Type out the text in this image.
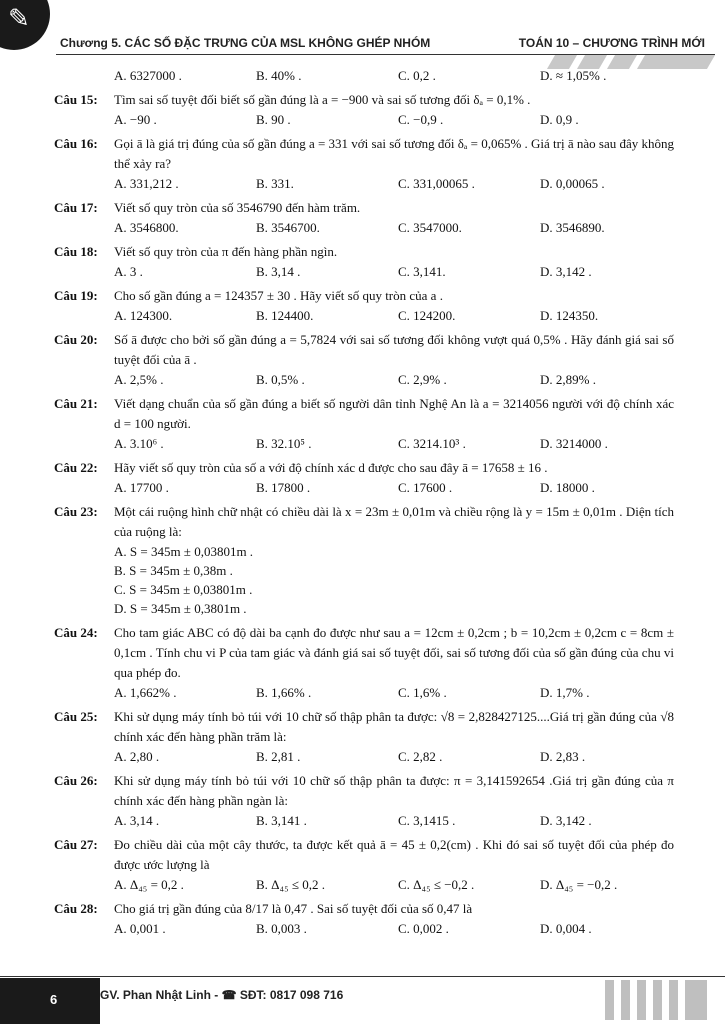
✎
Chương 5. CÁC SỐ ĐẶC TRƯNG CỦA MSL KHÔNG GHÉP NHÓM	TOÁN 10 – CHƯƠNG TRÌNH MỚI
A. 6327000 .	B. 40% .	C. 0,2 .	D. ≈ 1,05% .
Câu 15:	Tìm sai số tuyệt đối biết số gần đúng là a = −900 và sai số tương đối δₐ = 0,1% .
A. −90 .	B. 90 .	C. −0,9 .	D. 0,9 .
Câu 16:	Gọi ā là giá trị đúng của số gần đúng a = 331 với sai số tương đối δₐ = 0,065% . Giá trị ā nào sau đây không thể xảy ra?
A. 331,212 .	B. 331.	C. 331,00065 .	D. 0,00065 .
Câu 17:	Viết số quy tròn của số 3546790 đến hàm trăm.
A. 3546800.	B. 3546700.	C. 3547000.	D. 3546890.
Câu 18:	Viết số quy tròn của π đến hàng phần ngìn.
A. 3 .	B. 3,14 .	C. 3,141.	D. 3,142 .
Câu 19:	Cho số gần đúng a = 124357 ± 30 . Hãy viết số quy tròn của a .
A. 124300.	B. 124400.	C. 124200.	D. 124350.
Câu 20:	Số ā được cho bởi số gần đúng a = 5,7824 với sai số tương đối không vượt quá 0,5% . Hãy đánh giá sai số tuyệt đối của ā .
A. 2,5% .	B. 0,5% .	C. 2,9% .	D. 2,89% .
Câu 21:	Viết dạng chuẩn của số gần đúng a biết số người dân tỉnh Nghệ An là a = 3214056 người với độ chính xác d = 100 người.
A. 3.10⁶ .	B. 32.10⁵ .	C. 3214.10³ .	D. 3214000 .
Câu 22:	Hãy viết số quy tròn của số a với độ chính xác d được cho sau đây ā = 17658 ± 16 .
A. 17700 .	B. 17800 .	C. 17600 .	D. 18000 .
Câu 23:	Một cái ruộng hình chữ nhật có chiều dài là x = 23m ± 0,01m và chiều rộng là y = 15m ± 0,01m . Diện tích của ruộng là:
A. S = 345m ± 0,03801m .
B. S = 345m ± 0,38m .
C. S = 345m ± 0,03801m .
D. S = 345m ± 0,3801m .
Câu 24:	Cho tam giác ABC có độ dài ba cạnh đo được như sau a = 12cm ± 0,2cm ; b = 10,2cm ± 0,2cm c = 8cm ± 0,1cm . Tính chu vi P của tam giác và đánh giá sai số tuyệt đối, sai số tương đối của số gần đúng của chu vi qua phép đo.
A. 1,662% .	B. 1,66% .	C. 1,6% .	D. 1,7% .
Câu 25:	Khi sử dụng máy tính bỏ túi với 10 chữ số thập phân ta được: √8 = 2,828427125....Giá trị gần đúng của √8 chính xác đến hàng phần trăm là:
A. 2,80 .	B. 2,81 .	C. 2,82 .	D. 2,83 .
Câu 26:	Khi sử dụng máy tính bỏ túi với 10 chữ số thập phân ta được: π = 3,141592654 .Giá trị gần đúng của π chính xác đến hàng phần ngàn là:
A. 3,14 .	B. 3,141 .	C. 3,1415 .	D. 3,142 .
Câu 27:	Đo chiều dài của một cây thước, ta được kết quả ā = 45 ± 0,2(cm) . Khi đó sai số tuyệt đối của phép đo được ước lượng là
A. Δ₄₅ = 0,2 .	B. Δ₄₅ ≤ 0,2 .	C. Δ₄₅ ≤ −0,2 .	D. Δ₄₅ = −0,2 .
Câu 28:	Cho giá trị gần đúng của 8/17 là 0,47 . Sai số tuyệt đối của số 0,47 là
A. 0,001 .	B. 0,003 .	C. 0,002 .	D. 0,004 .
6	GV. Phan Nhật Linh - ☎ SĐT: 0817 098 716
